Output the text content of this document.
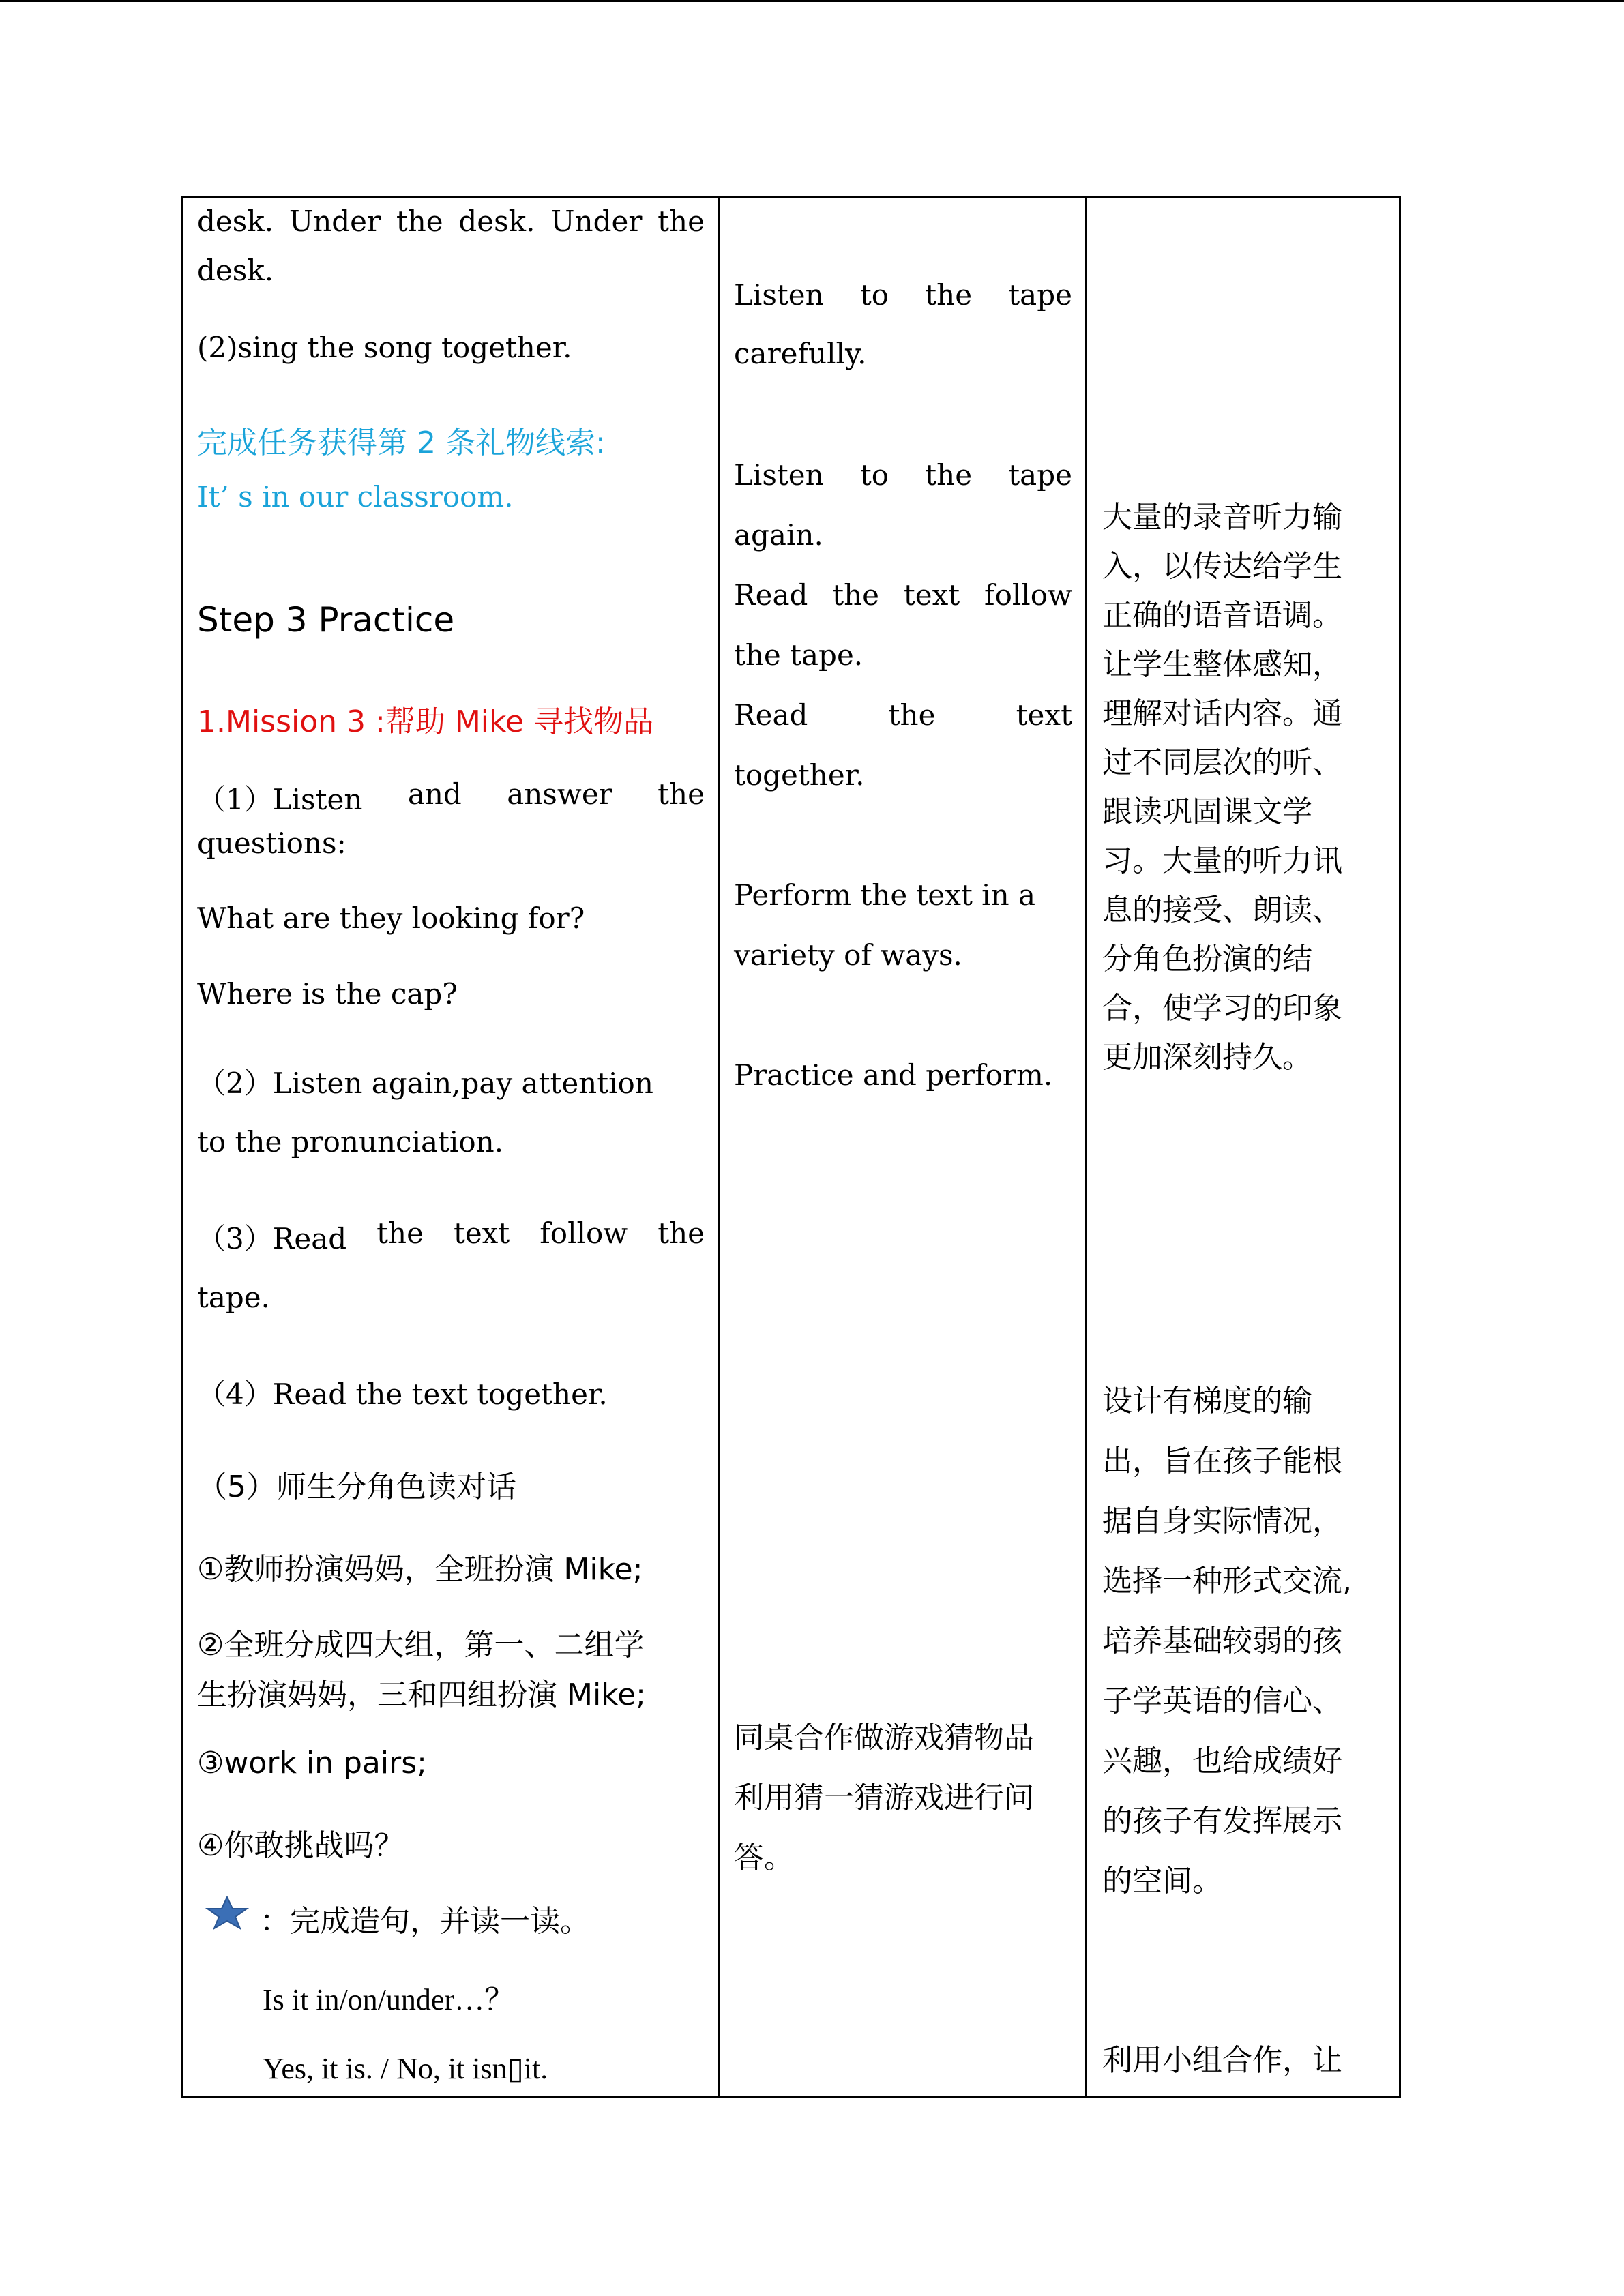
desk. Under the desk. Under the
desk.
(2)sing the song together.
完成任务获得第 2 条礼物线索:
It’ s in our classroom.
Step 3 Practice
1.Mission 3 :帮助 Mike 寻找物品
（1）Listen and answer the
questions:
What are they looking for?
Where is the cap?
（2）Listen again,pay attention
to the pronunciation.
（3）Read the text follow the
tape.
（4）Read the text together.
（5）师生分角色读对话
①教师扮演妈妈，全班扮演 Mike;
②全班分成四大组，第一、二组学
生扮演妈妈，三和四组扮演 Mike;
③work in pairs;
④你敢挑战吗？
：完成造句，并读一读。
Is it in/on/under…？
Yes, it is. / No, it isn▯it.
Listen to the tape
carefully.
Listen to the tape
again.
Read the text follow
the tape.
Read	the	text
together.
Perform the text in a
variety of ways.
Practice and perform.
同桌合作做游戏猜物品
利用猜一猜游戏进行问
答。
大量的录音听力输
入，以传达给学生
正确的语音语调。
让学生整体感知，
理解对话内容。通
过不同层次的听、
跟读巩固课文学
习。大量的听力讯
息的接受、朗读、
分角色扮演的结
合，使学习的印象
更加深刻持久。
设计有梯度的输
出，旨在孩子能根
据自身实际情况，
选择一种形式交流,
培养基础较弱的孩
子学英语的信心、
兴趣，也给成绩好
的孩子有发挥展示
的空间。
利用小组合作，让
